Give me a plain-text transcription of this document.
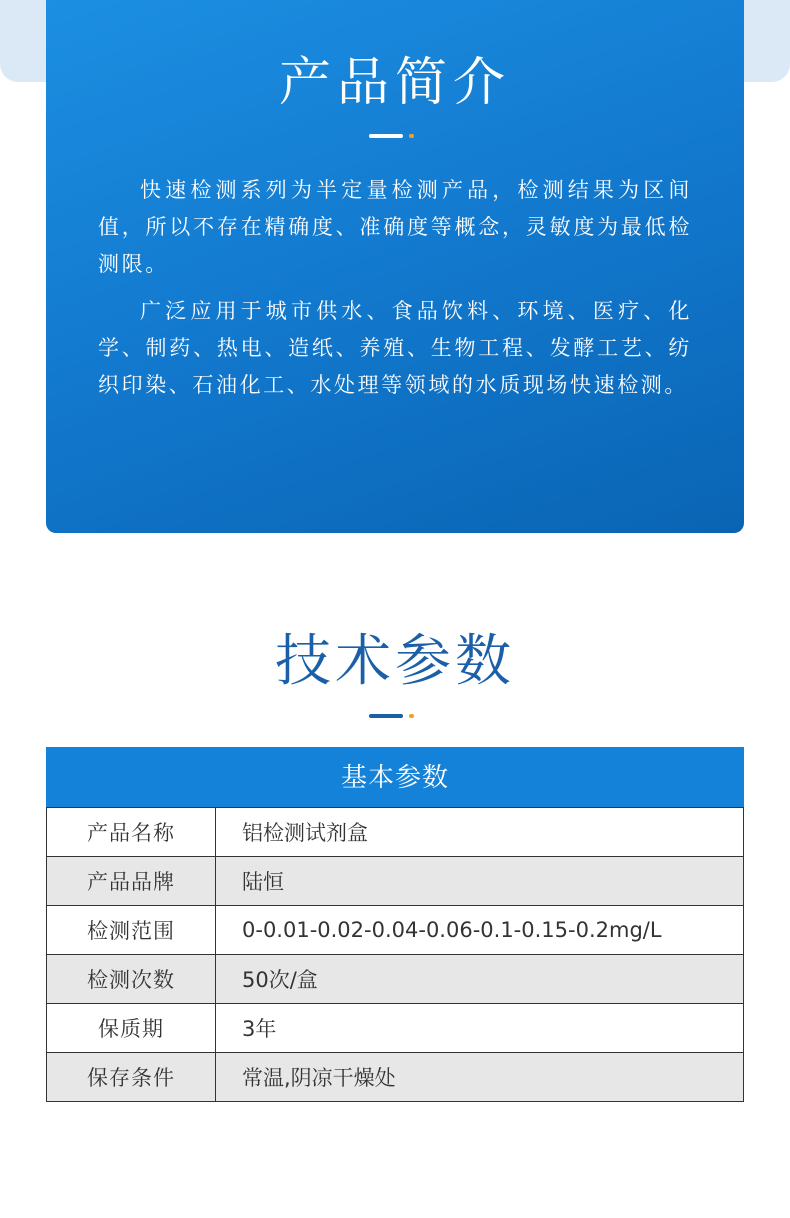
产品简介

快速检测系列为半定量检测产品，检测结果为区间值，所以不存在精确度、准确度等概念，灵敏度为最低检测限。

广泛应用于城市供水、食品饮料、环境、医疗、化学、制药、热电、造纸、养殖、生物工程、发酵工艺、纺织印染、石油化工、水处理等领域的水质现场快速检测。

技术参数
基本参数
产品名称	铝检测试剂盒
产品品牌	陆恒
检测范围	0-0.01-0.02-0.04-0.06-0.1-0.15-0.2mg/L
检测次数	50次/盒
保质期	3年
保存条件	常温,阴凉干燥处
